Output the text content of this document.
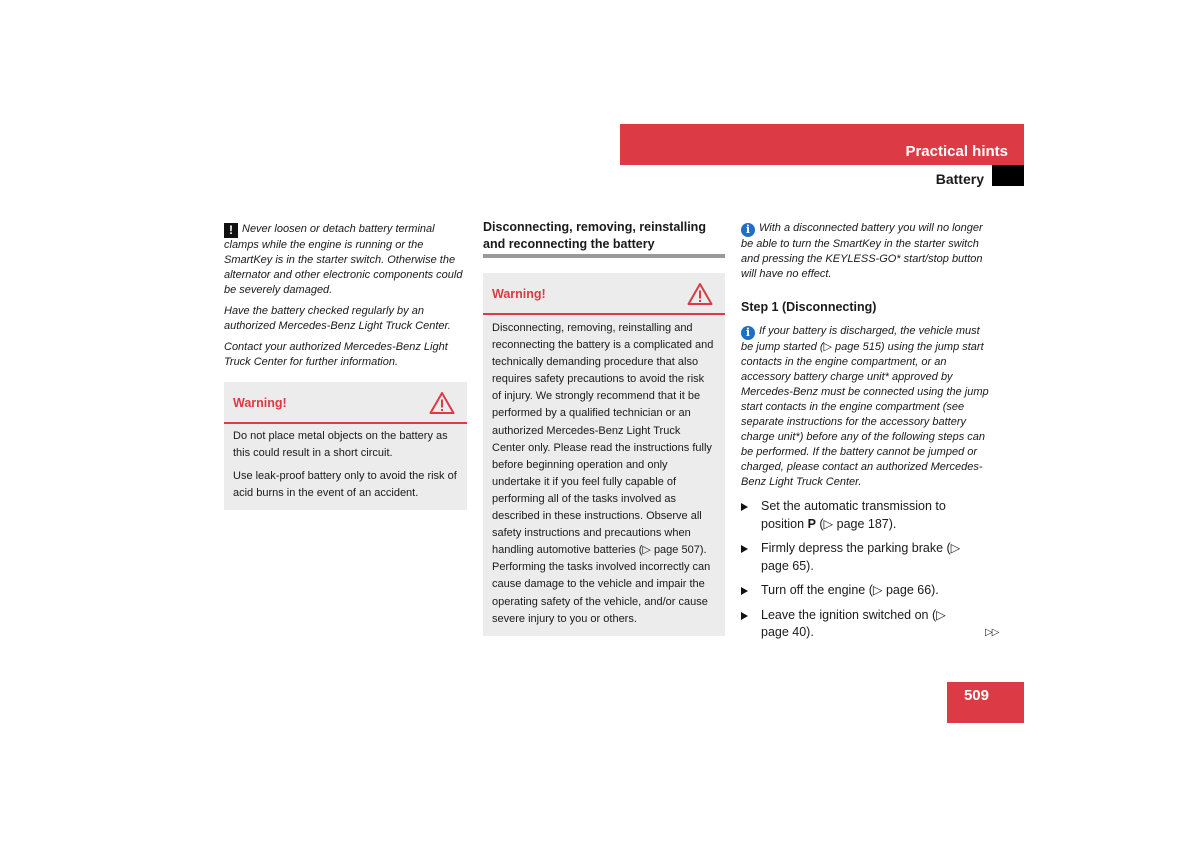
Practical hints
Battery

! Never loosen or detach battery terminal clamps while the engine is running or the SmartKey is in the starter switch. Otherwise the alternator and other electronic components could be severely damaged.

Have the battery checked regularly by an authorized Mercedes-Benz Light Truck Center.

Contact your authorized Mercedes-Benz Light Truck Center for further information.

Warning!

Do not place metal objects on the battery as this could result in a short circuit.

Use leak-proof battery only to avoid the risk of acid burns in the event of an accident.

Disconnecting, removing, reinstalling and reconnecting the battery
Warning!

Disconnecting, removing, reinstalling and reconnecting the battery is a complicated and technically demanding procedure that also requires safety precautions to avoid the risk of injury. We strongly recommend that it be performed by a qualified technician or an authorized Mercedes-Benz Light Truck Center only. Please read the instructions fully before beginning operation and only undertake it if you feel fully capable of performing all of the tasks involved as described in these instructions. Observe all safety instructions and precautions when handling automotive batteries (▷ page 507). Performing the tasks involved incorrectly can cause damage to the vehicle and impair the operating safety of the vehicle, and/or cause severe injury to you or others.

i With a disconnected battery you will no longer be able to turn the SmartKey in the starter switch and pressing the KEYLESS-GO* start/stop button will have no effect.

Step 1 (Disconnecting)

i If your battery is discharged, the vehicle must be jump started (▷ page 515) using the jump start contacts in the engine compartment, or an accessory battery charge unit* approved by Mercedes-Benz must be connected using the jump start contacts in the engine compartment (see separate instructions for the accessory battery charge unit*) before any of the following steps can be performed. If the battery cannot be jumped or charged, please contact an authorized Mercedes-Benz Light Truck Center.

Set the automatic transmission to position P (▷ page 187).
Firmly depress the parking brake (▷ page 65).
Turn off the engine (▷ page 66).
Leave the ignition switched on (▷ page 40).	▷▷
509
